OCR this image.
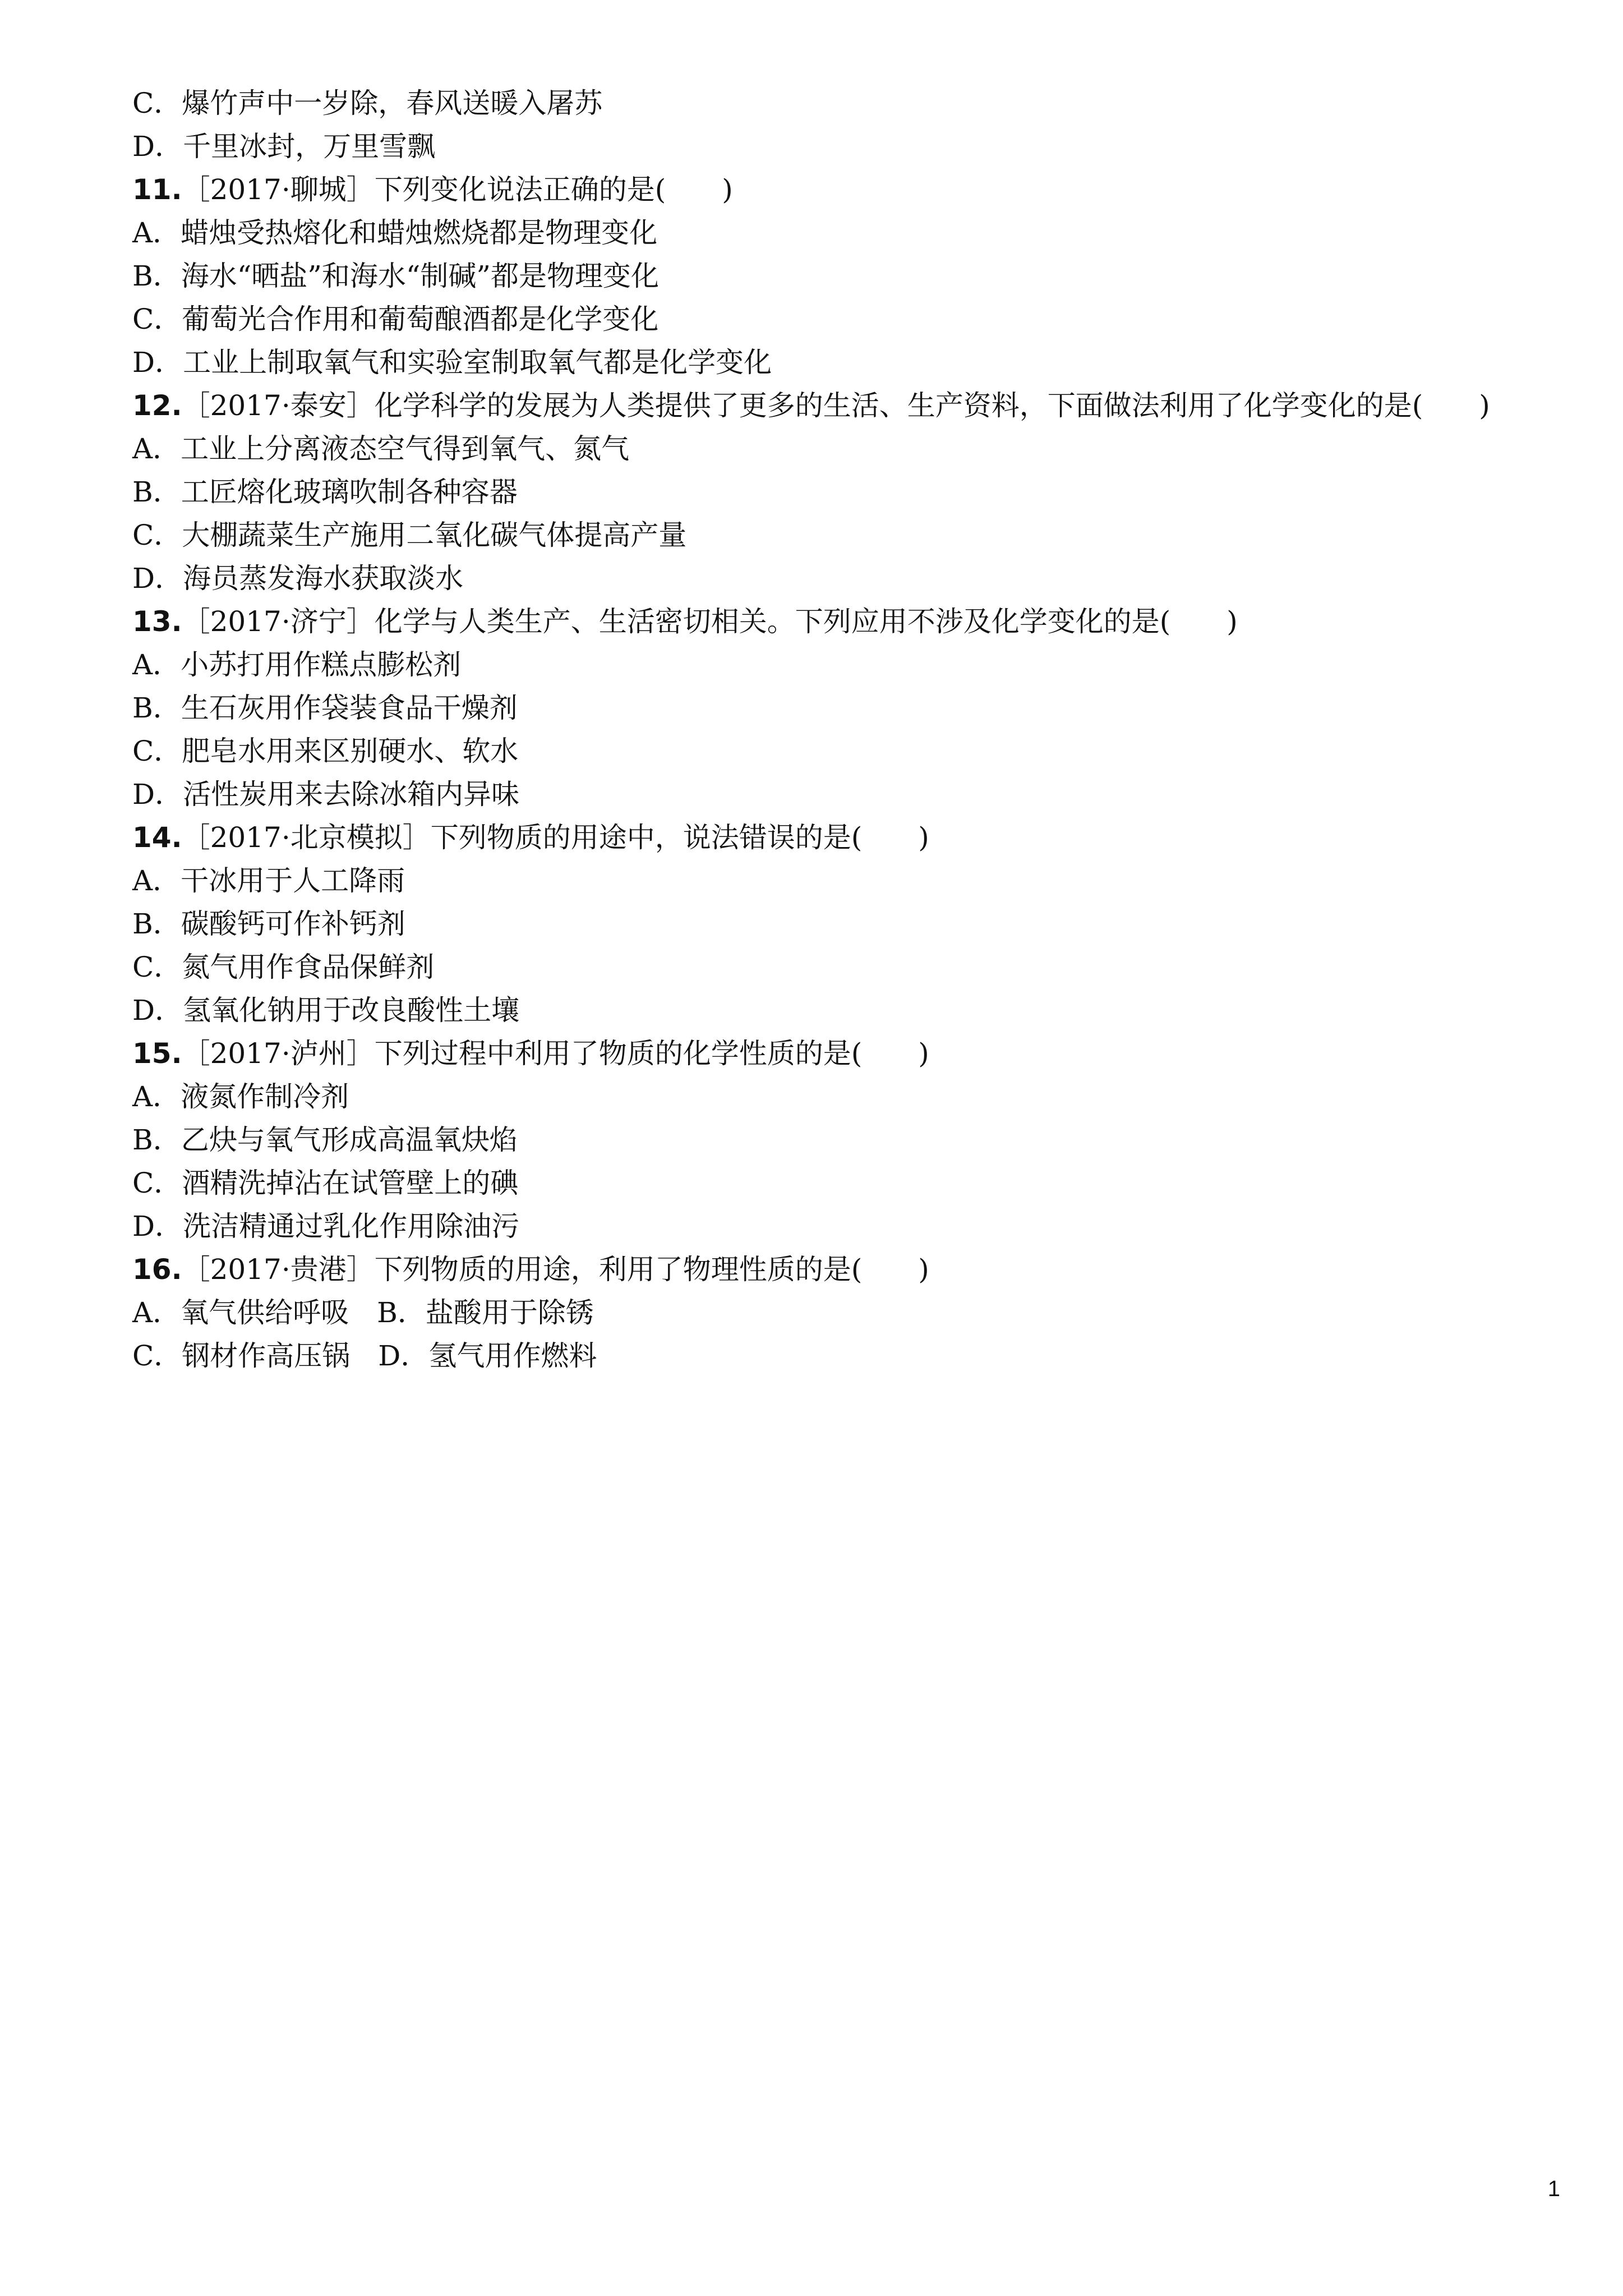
C．爆竹声中一岁除，春风送暖入屠苏
D．千里冰封，万里雪飘
11.［2017·聊城］下列变化说法正确的是(　　)
A．蜡烛受热熔化和蜡烛燃烧都是物理变化
B．海水“晒盐”和海水“制碱”都是物理变化
C．葡萄光合作用和葡萄酿酒都是化学变化
D．工业上制取氧气和实验室制取氧气都是化学变化
12.［2017·泰安］化学科学的发展为人类提供了更多的生活、生产资料，下面做法利用了化学变化的是(　　)
A．工业上分离液态空气得到氧气、氮气
B．工匠熔化玻璃吹制各种容器
C．大棚蔬菜生产施用二氧化碳气体提高产量
D．海员蒸发海水获取淡水
13.［2017·济宁］化学与人类生产、生活密切相关。下列应用不涉及化学变化的是(　　)
A．小苏打用作糕点膨松剂
B．生石灰用作袋装食品干燥剂
C．肥皂水用来区别硬水、软水
D．活性炭用来去除冰箱内异味
14.［2017·北京模拟］下列物质的用途中，说法错误的是(　　)
A．干冰用于人工降雨
B．碳酸钙可作补钙剂
C．氮气用作食品保鲜剂
D．氢氧化钠用于改良酸性土壤
15.［2017·泸州］下列过程中利用了物质的化学性质的是(　　)
A．液氮作制冷剂
B．乙炔与氧气形成高温氧炔焰
C．酒精洗掉沾在试管壁上的碘
D．洗洁精通过乳化作用除油污
16.［2017·贵港］下列物质的用途，利用了物理性质的是(　　)
A．氧气供给呼吸　B．盐酸用于除锈
C．钢材作高压锅　D．氢气用作燃料
1
